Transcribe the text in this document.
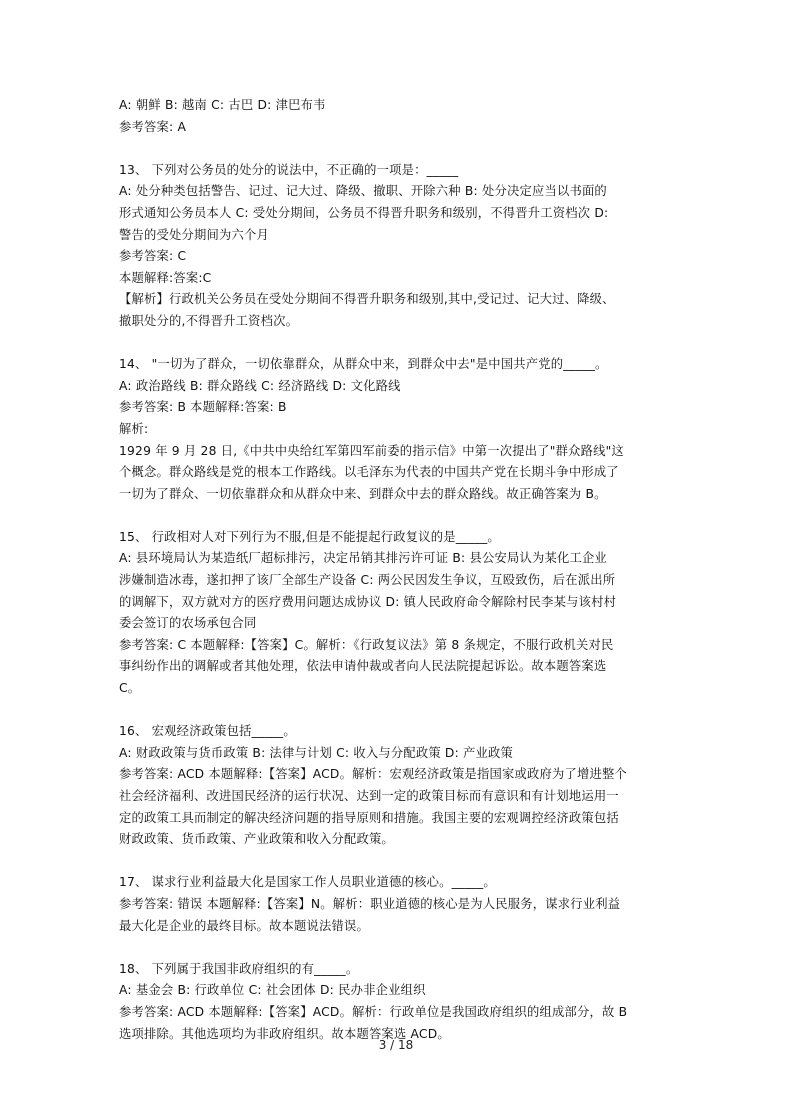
A: 朝鲜 B: 越南 C: 古巴 D: 津巴布韦
参考答案: A
13、 下列对公务员的处分的说法中，不正确的一项是：_____
A: 处分种类包括警告、记过、记大过、降级、撤职、开除六种 B: 处分决定应当以书面的
形式通知公务员本人 C: 受处分期间，公务员不得晋升职务和级别，不得晋升工资档次 D:
警告的受处分期间为六个月
参考答案: C
本题解释:答案:C
【解析】行政机关公务员在受处分期间不得晋升职务和级别,其中,受记过、记大过、降级、
撤职处分的,不得晋升工资档次。
14、 "一切为了群众，一切依靠群众，从群众中来，到群众中去"是中国共产党的_____。
A: 政治路线 B: 群众路线 C: 经济路线 D: 文化路线
参考答案: B 本题解释:答案: B
解析:
1929 年 9 月 28 日,《中共中央给红军第四军前委的指示信》中第一次提出了"群众路线"这
个概念。群众路线是党的根本工作路线。以毛泽东为代表的中国共产党在长期斗争中形成了
一切为了群众、一切依靠群众和从群众中来、到群众中去的群众路线。故正确答案为 B。
15、 行政相对人对下列行为不服,但是不能提起行政复议的是_____。
A: 县环境局认为某造纸厂超标排污，决定吊销其排污许可证 B: 县公安局认为某化工企业
涉嫌制造冰毒，遂扣押了该厂全部生产设备 C: 两公民因发生争议，互殴致伤，后在派出所
的调解下，双方就对方的医疗费用问题达成协议 D: 镇人民政府命令解除村民李某与该村村
委会签订的农场承包合同
参考答案: C 本题解释:【答案】C。解析：《行政复议法》第 8 条规定，不服行政机关对民
事纠纷作出的调解或者其他处理，依法申请仲裁或者向人民法院提起诉讼。故本题答案选
C。
16、 宏观经济政策包括_____。
A: 财政政策与货币政策 B: 法律与计划 C: 收入与分配政策 D: 产业政策
参考答案: ACD 本题解释:【答案】ACD。解析：宏观经济政策是指国家或政府为了增进整个
社会经济福利、改进国民经济的运行状况、达到一定的政策目标而有意识和有计划地运用一
定的政策工具而制定的解决经济问题的指导原则和措施。我国主要的宏观调控经济政策包括
财政政策、货币政策、产业政策和收入分配政策。
17、 谋求行业利益最大化是国家工作人员职业道德的核心。_____。
参考答案: 错误 本题解释:【答案】N。解析：职业道德的核心是为人民服务，谋求行业利益
最大化是企业的最终目标。故本题说法错误。
18、 下列属于我国非政府组织的有_____。
A: 基金会 B: 行政单位 C: 社会团体 D: 民办非企业组织
参考答案: ACD 本题解释:【答案】ACD。解析：行政单位是我国政府组织的组成部分，故 B
选项排除。其他选项均为非政府组织。故本题答案选 ACD。
3 / 18
